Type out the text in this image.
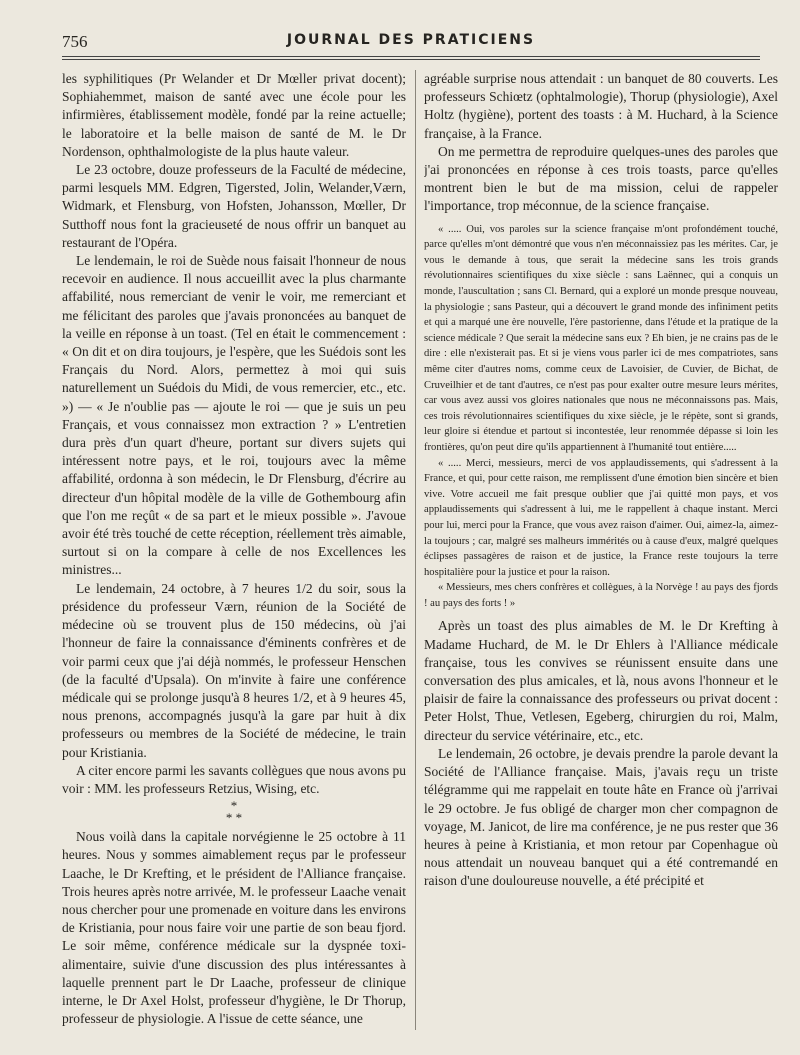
756	JOURNAL DES PRATICIENS

les syphilitiques (Pr Welander et Dr Mœller privat docent); Sophiahemmet, maison de santé avec une école pour les infirmières, établissement modèle, fondé par la reine actuelle; le laboratoire et la belle maison de santé de M. le Dr Nordenson, ophthalmologiste de la plus haute valeur.

Le 23 octobre, douze professeurs de la Faculté de médecine, parmi lesquels MM. Edgren, Tigersted, Jolin, Welander,Værn, Widmark, et Flensburg, von Hofsten, Johansson, Mœller, Dr Sutthoff nous font la gracieuseté de nous offrir un banquet au restaurant de l'Opéra.

Le lendemain, le roi de Suède nous faisait l'honneur de nous recevoir en audience. Il nous accueillit avec la plus charmante affabilité, nous remerciant de venir le voir, me remerciant et me félicitant des paroles que j'avais prononcées au banquet de la veille en réponse à un toast. (Tel en était le commencement : « On dit et on dira toujours, je l'espère, que les Suédois sont les Français du Nord. Alors, permettez à moi qui suis naturellement un Suédois du Midi, de vous remercier, etc., etc. ») — « Je n'oublie pas — ajoute le roi — que je suis un peu Français, et vous connaissez mon extraction ? » L'entretien dura près d'un quart d'heure, portant sur divers sujets qui intéressent notre pays, et le roi, toujours avec la même affabilité, ordonna à son médecin, le Dr Flensburg, d'écrire au directeur d'un hôpital modèle de la ville de Gothembourg afin que l'on me reçût « de sa part et le mieux possible ». J'avoue avoir été très touché de cette réception, réellement très aimable, surtout si on la compare à celle de nos Excellences les ministres...

Le lendemain, 24 octobre, à 7 heures 1/2 du soir, sous la présidence du professeur Værn, réunion de la Société de médecine où se trouvent plus de 150 médecins, où j'ai l'honneur de faire la connaissance d'éminents confrères et de voir parmi ceux que j'ai déjà nommés, le professeur Henschen (de la faculté d'Upsala). On m'invite à faire une conférence médicale qui se prolonge jusqu'à 8 heures 1/2, et à 9 heures 45, nous prenons, accompagnés jusqu'à la gare par huit à dix professeurs ou membres de la Société de médecine, le train pour Kristiania.

A citer encore parmi les savants collègues que nous avons pu voir : MM. les professeurs Retzius, Wising, etc.

*
* *

Nous voilà dans la capitale norvégienne le 25 octobre à 11 heures. Nous y sommes aimablement reçus par le professeur Laache, le Dr Krefting, et le président de l'Alliance française. Trois heures après notre arrivée, M. le professeur Laache venait nous chercher pour une promenade en voiture dans les environs de Kristiania, pour nous faire voir une partie de son beau fjord. Le soir même, conférence médicale sur la dyspnée toxi-alimentaire, suivie d'une discussion des plus intéressantes à laquelle prennent part le Dr Laache, professeur de clinique interne, le Dr Axel Holst, professeur d'hygiène, le Dr Thorup, professeur de physiologie. A l'issue de cette séance, une

agréable surprise nous attendait : un banquet de 80 couverts. Les professeurs Schiœtz (ophtalmologie), Thorup (physiologie), Axel Holtz (hygiène), portent des toasts : à M. Huchard, à la Science française, à la France.

On me permettra de reproduire quelques-unes des paroles que j'ai prononcées en réponse à ces trois toasts, parce qu'elles montrent bien le but de ma mission, celui de rappeler l'importance, trop méconnue, de la science française.

« ..... Oui, vos paroles sur la science française m'ont profondément touché, parce qu'elles m'ont démontré que vous n'en méconnaissiez pas les mérites. Car, je vous le demande à tous, que serait la médecine sans les trois grands révolutionnaires scientifiques du xixe siècle : sans Laënnec, qui a conquis un monde, l'auscultation ; sans Cl. Bernard, qui a exploré un monde presque nouveau, la physiologie ; sans Pasteur, qui a découvert le grand monde des infiniment petits et qui a marqué une ère nouvelle, l'ère pastorienne, dans l'étude et la pratique de la science médicale ? Que serait la médecine sans eux ? Eh bien, je ne crains pas de le dire : elle n'existerait pas. Et si je viens vous parler ici de mes compatriotes, sans même citer d'autres noms, comme ceux de Lavoisier, de Cuvier, de Bichat, de Cruveilhier et de tant d'autres, ce n'est pas pour exalter outre mesure leurs mérites, car vous avez aussi vos gloires nationales que nous ne méconnaissons pas. Mais, ces trois révolutionnaires scientifiques du xixe siècle, je le répète, sont si grands, leur gloire si étendue et partout si incontestée, leur renommée dépasse si loin les frontières, qu'on peut dire qu'ils appartiennent à l'humanité tout entière.....

« ..... Merci, messieurs, merci de vos applaudissements, qui s'adressent à la France, et qui, pour cette raison, me remplissent d'une émotion bien sincère et bien vive. Votre accueil me fait presque oublier que j'ai quitté mon pays, et vos applaudissements qui s'adressent à lui, me le rappellent à chaque instant. Merci pour lui, merci pour la France, que vous avez raison d'aimer. Oui, aimez-la, aimez-la toujours ; car, malgré ses malheurs immérités ou à cause d'eux, malgré quelques éclipses passagères de raison et de justice, la France reste toujours la terre hospitalière pour la justice et pour la raison.

« Messieurs, mes chers confrères et collègues, à la Norvège ! au pays des fjords ! au pays des forts ! »

Après un toast des plus aimables de M. le Dr Krefting à Madame Huchard, de M. le Dr Ehlers à l'Alliance médicale française, tous les convives se réunissent ensuite dans une conversation des plus amicales, et là, nous avons l'honneur et le plaisir de faire la connaissance des professeurs ou privat docent : Peter Holst, Thue, Vetlesen, Egeberg, chirurgien du roi, Malm, directeur du service vétérinaire, etc., etc.

Le lendemain, 26 octobre, je devais prendre la parole devant la Société de l'Alliance française. Mais, j'avais reçu un triste télégramme qui me rappelait en toute hâte en France où j'arrivai le 29 octobre. Je fus obligé de charger mon cher compagnon de voyage, M. Janicot, de lire ma conférence, je ne pus rester que 36 heures à peine à Kristiania, et mon retour par Copenhague où nous attendait un nouveau banquet qui a été contremandé en raison d'une douloureuse nouvelle, a été précipité et
